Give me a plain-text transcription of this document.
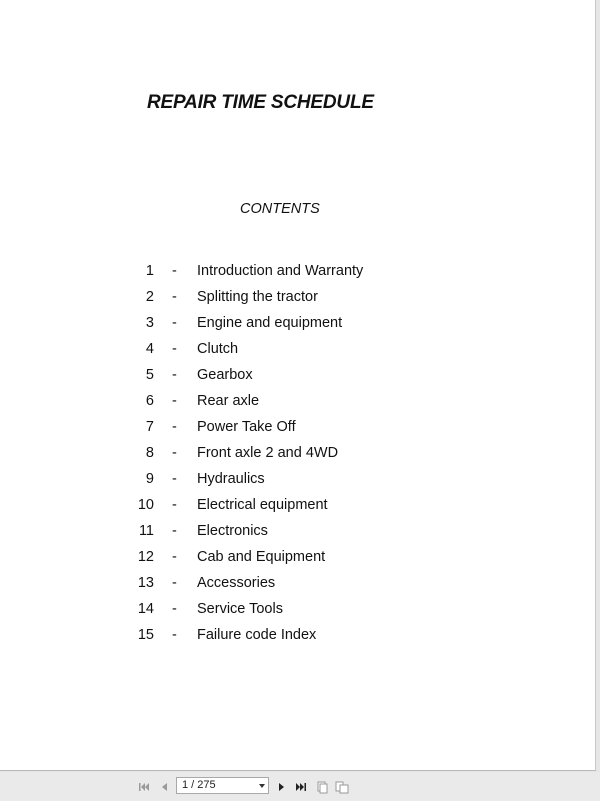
REPAIR TIME SCHEDULE
CONTENTS
1 - Introduction and Warranty
2 - Splitting the tractor
3 - Engine and equipment
4 - Clutch
5 - Gearbox
6 - Rear axle
7 - Power Take Off
8 - Front axle 2 and 4WD
9 - Hydraulics
10 - Electrical equipment
11 - Electronics
12 - Cab and Equipment
13 - Accessories
14 - Service Tools
15 - Failure code Index
1 / 275
